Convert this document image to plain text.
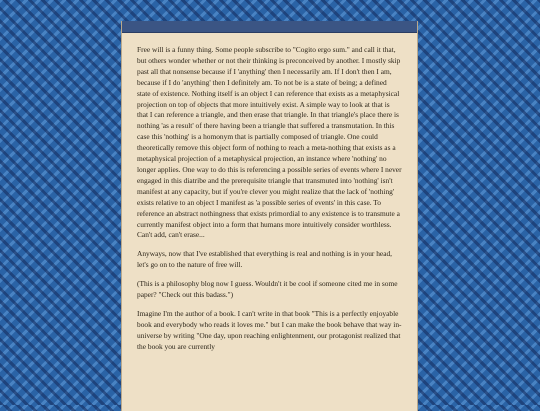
Free will is a funny thing. Some people subscribe to "Cogito ergo sum." and call it that, but others wonder whether or not their thinking is preconceived by another. I mostly skip past all that nonsense because if I 'anything' then I necessarily am. If I don't then I am, because if I do 'anything' then I definitely am. To not be is a state of being; a defined state of existence. Nothing itself is an object I can reference that exists as a metaphysical projection on top of objects that more intuitively exist. A simple way to look at that is that I can reference a triangle, and then erase that triangle. In that triangle's place there is nothing 'as a result' of there having been a triangle that suffered a transmutation. In this case this 'nothing' is a homonym that is partially composed of triangle. One could theoretically remove this object form of nothing to reach a meta-nothing that exists as a metaphysical projection of a metaphysical projection, an instance where 'nothing' no longer applies. One way to do this is referencing a possible series of events where I never engaged in this diatribe and the prerequisite triangle that transmuted into 'nothing' isn't manifest at any capacity, but if you're clever you might realize that the lack of 'nothing' exists relative to an object I manifest as 'a possible series of events' in this case. To reference an abstract nothingness that exists primordial to any existence is to transmute a currently manifest object into a form that humans more intuitively consider worthless. Can't add, can't erase...

Anyways, now that I've established that everything is real and nothing is in your head, let's go on to the nature of free will.

(This is a philosophy blog now I guess. Wouldn't it be cool if someone cited me in some paper? "Check out this badass.")

Imagine I'm the author of a book. I can't write in that book "This is a perfectly enjoyable book and everybody who reads it loves me." but I can make the book behave that way in-universe by writing "One day, upon reaching enlightenment, our protagonist realized that the book you are currently
